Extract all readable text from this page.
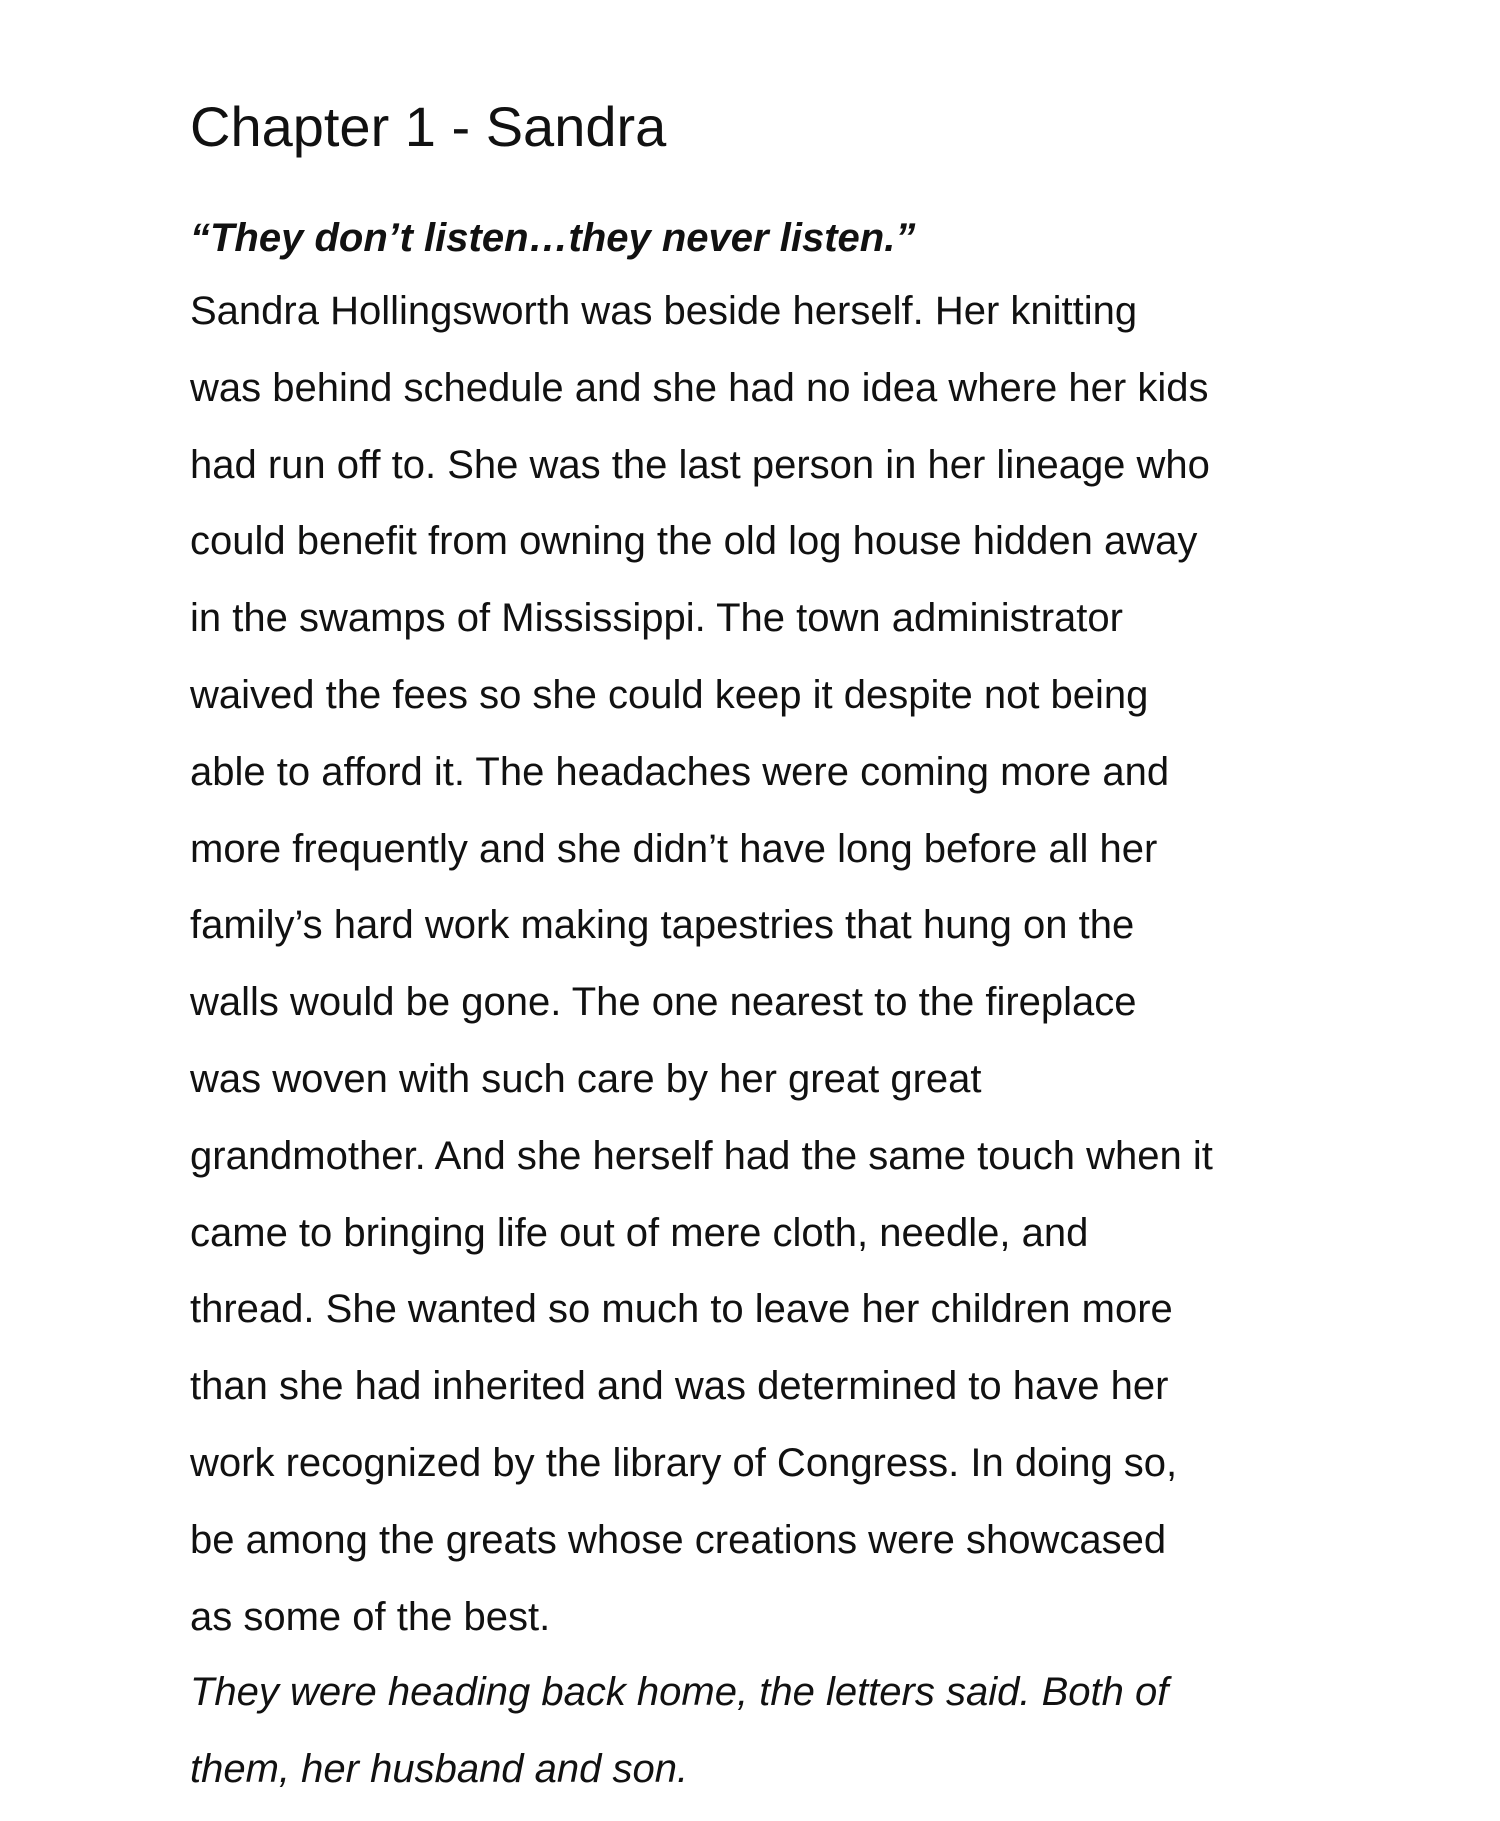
Chapter 1 - Sandra

“They don’t listen…they never listen.”

Sandra Hollingsworth was beside herself. Her knitting
was behind schedule and she had no idea where her kids
had run off to. She was the last person in her lineage who
could benefit from owning the old log house hidden away
in the swamps of Mississippi. The town administrator
waived the fees so she could keep it despite not being
able to afford it. The headaches were coming more and
more frequently and she didn’t have long before all her
family’s hard work making tapestries that hung on the
walls would be gone. The one nearest to the fireplace
was woven with such care by her great great
grandmother. And she herself had the same touch when it
came to bringing life out of mere cloth, needle, and
thread. She wanted so much to leave her children more
than she had inherited and was determined to have her
work recognized by the library of Congress. In doing so,
be among the greats whose creations were showcased
as some of the best.
They were heading back home, the letters said. Both of
them, her husband and son.
